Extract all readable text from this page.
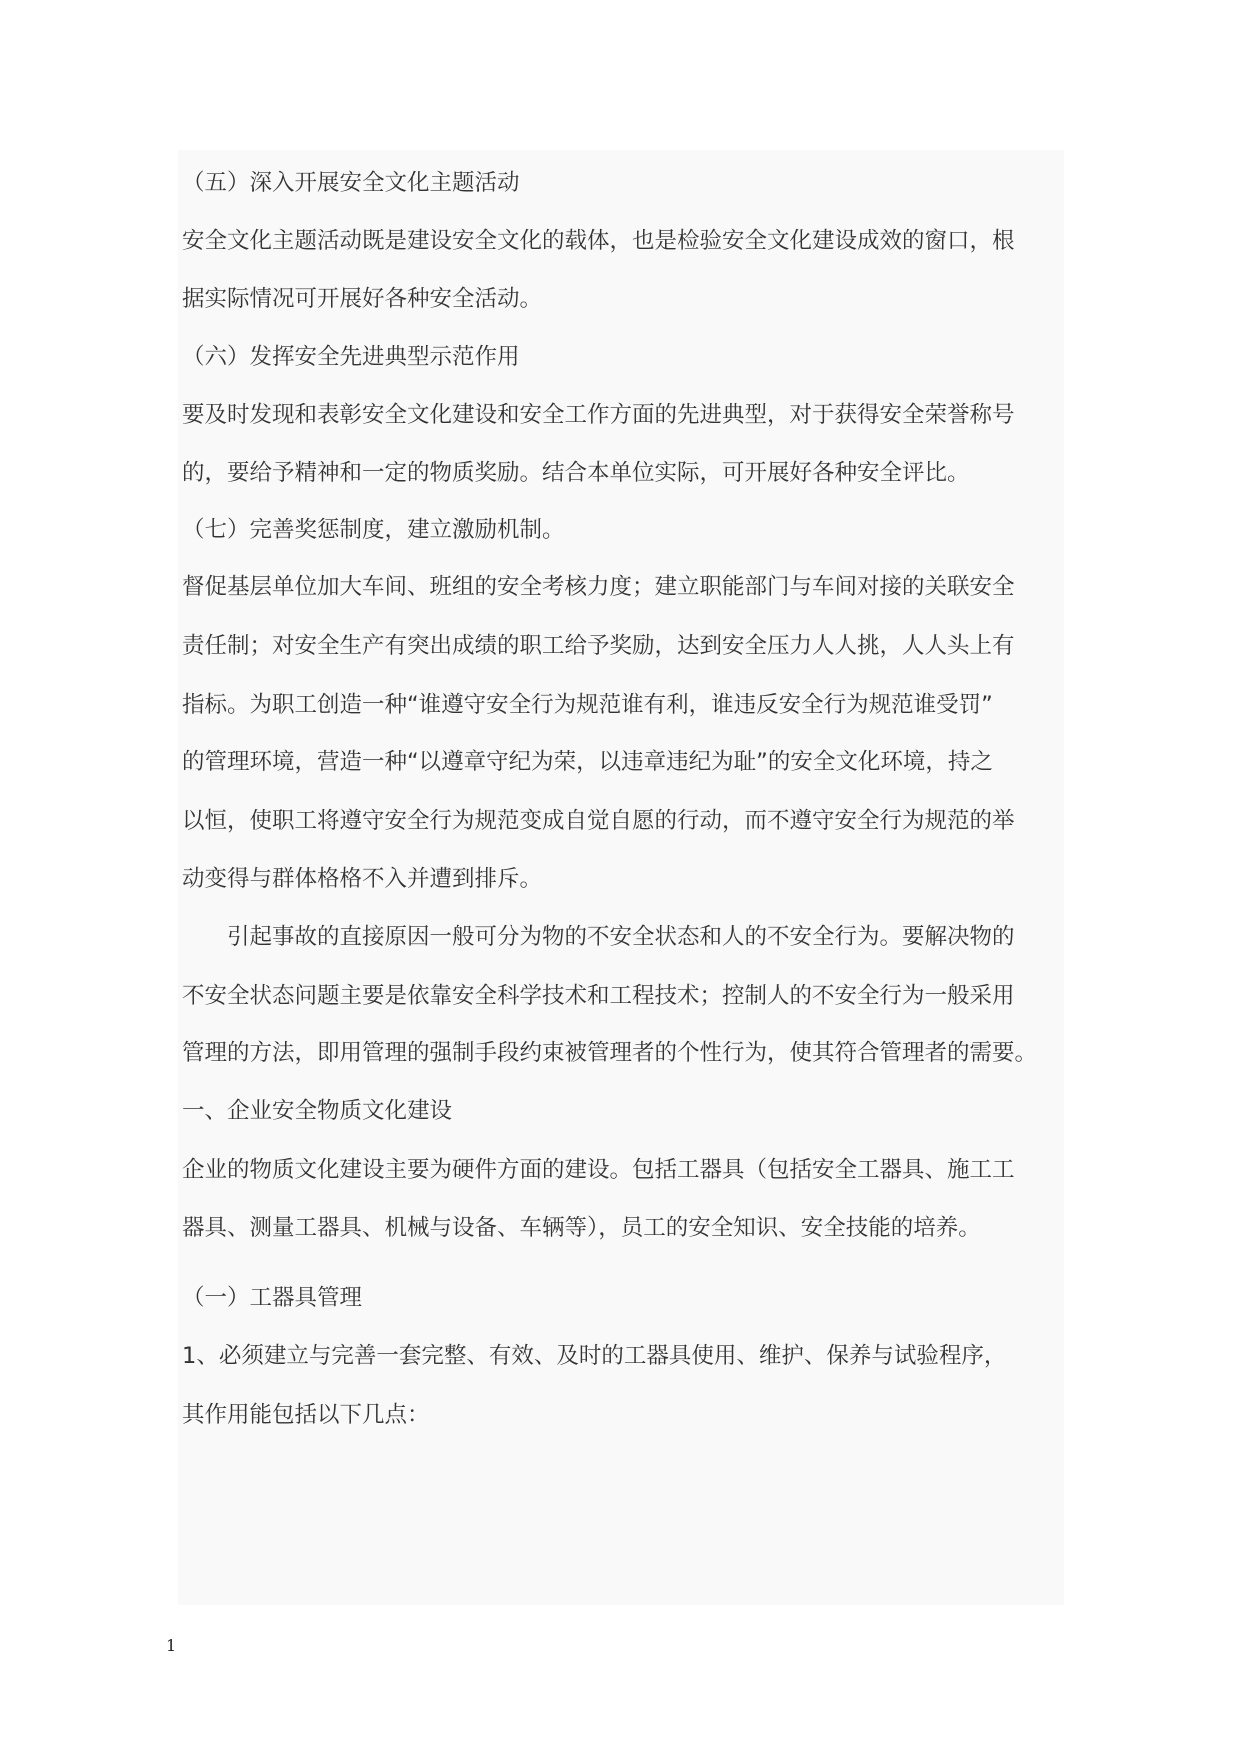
（五）深入开展安全文化主题活动

安全文化主题活动既是建设安全文化的载体，也是检验安全文化建设成效的窗口，根

据实际情况可开展好各种安全活动。

（六）发挥安全先进典型示范作用

要及时发现和表彰安全文化建设和安全工作方面的先进典型，对于获得安全荣誉称号

的，要给予精神和一定的物质奖励。结合本单位实际，可开展好各种安全评比。

（七）完善奖惩制度，建立激励机制。

督促基层单位加大车间、班组的安全考核力度；建立职能部门与车间对接的关联安全

责任制；对安全生产有突出成绩的职工给予奖励，达到安全压力人人挑，人人头上有

指标。为职工创造一种“谁遵守安全行为规范谁有利，谁违反安全行为规范谁受罚”

的管理环境，营造一种“以遵章守纪为荣，以违章违纪为耻”的安全文化环境，持之

以恒，使职工将遵守安全行为规范变成自觉自愿的行动，而不遵守安全行为规范的举

动变得与群体格格不入并遭到排斥。

　　引起事故的直接原因一般可分为物的不安全状态和人的不安全行为。要解决物的

不安全状态问题主要是依靠安全科学技术和工程技术；控制人的不安全行为一般采用

管理的方法，即用管理的强制手段约束被管理者的个性行为，使其符合管理者的需要。

一、企业安全物质文化建设

企业的物质文化建设主要为硬件方面的建设。包括工器具（包括安全工器具、施工工

器具、测量工器具、机械与设备、车辆等），员工的安全知识、安全技能的培养。

（一）工器具管理

1、必须建立与完善一套完整、有效、及时的工器具使用、维护、保养与试验程序，

其作用能包括以下几点：

1
